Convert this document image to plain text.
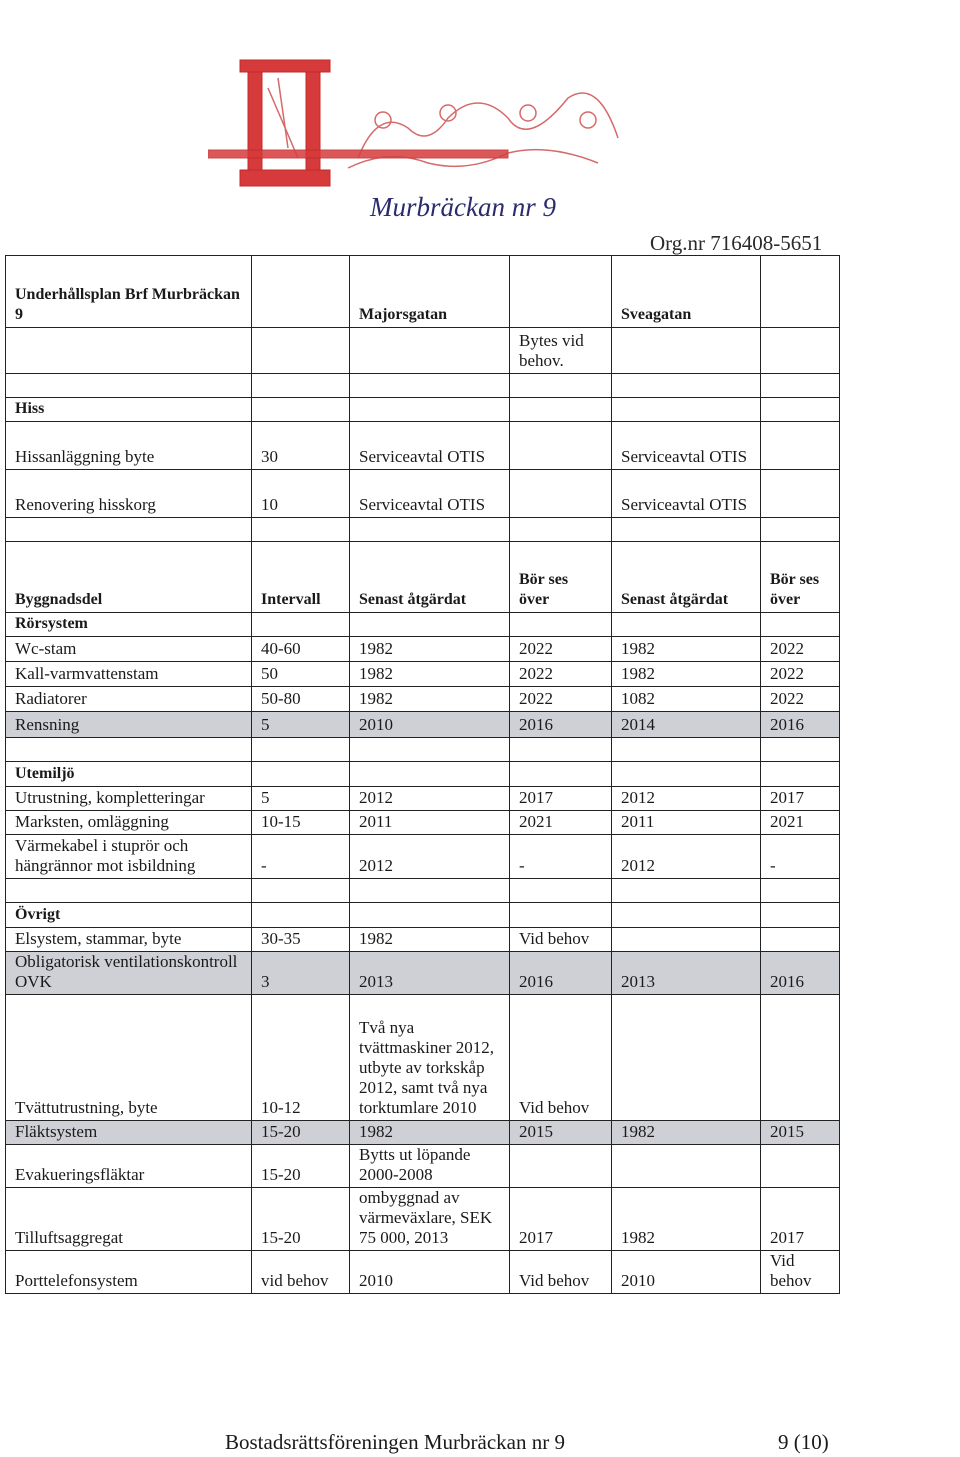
Murbräckan nr 9
Org.nr 716408-5651
Underhållsplan Brf Murbräckan 9		Majorsgatan		Sveagatan	
			Bytes vid behov.		

Hiss					
Hissanläggning byte	30	Serviceavtal OTIS		Serviceavtal OTIS	
Renovering hisskorg	10	Serviceavtal OTIS		Serviceavtal OTIS	

Byggnadsdel	Intervall	Senast åtgärdat	Bör ses över	Senast åtgärdat	Bör ses över
Rörsystem					
Wc-stam	40-60	1982	2022	1982	2022
Kall-varmvattenstam	50	1982	2022	1982	2022
Radiatorer	50-80	1982	2022	1082	2022
Rensning	5	2010	2016	2014	2016

Utemiljö					
Utrustning, kompletteringar	5	2012	2017	2012	2017
Marksten, omläggning	10-15	2011	2021	2011	2021
Värmekabel i stuprör och hängrännor mot isbildning	-	2012	-	2012	-

Övrigt					
Elsystem, stammar, byte	30-35	1982	Vid behov		
Obligatorisk ventilationskontroll OVK	3	2013	2016	2013	2016
Tvättutrustning, byte	10-12	Två nya tvättmaskiner 2012, utbyte av torkskåp 2012, samt två nya torktumlare 2010	Vid behov		
Fläktsystem	15-20	1982	2015	1982	2015
Evakueringsfläktar	15-20	Bytts ut löpande 2000-2008			
Tilluftsaggregat	15-20	ombyggnad av värmeväxlare, SEK 75 000, 2013	2017	1982	2017
Porttelefonsystem	vid behov	2010	Vid behov	2010	Vid behov
Bostadsrättsföreningen Murbräckan nr 9	9 (10)
